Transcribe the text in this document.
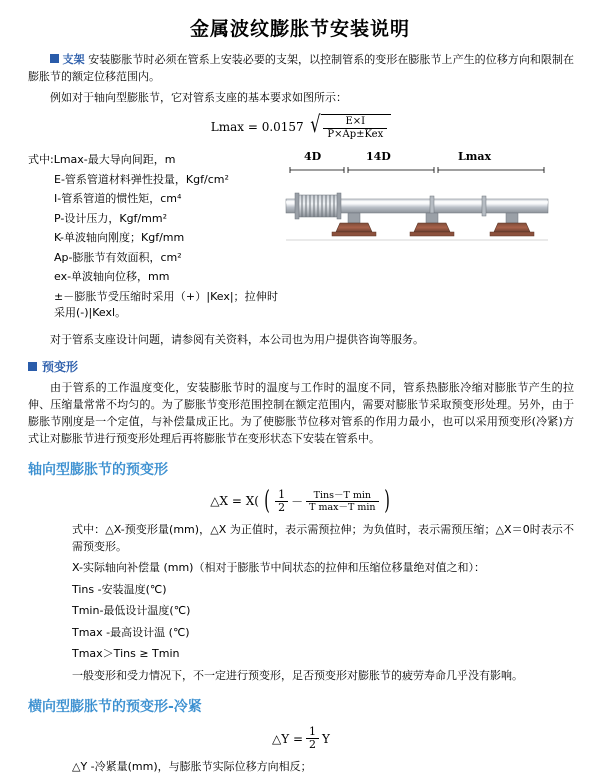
金属波纹膨胀节安装说明

支架 安装膨胀节时必须在管系上安装必要的支架，以控制管系的变形在膨胀节上产生的位移方向和限制在膨胀节的额定位移范围内。

例如对于轴向型膨胀节，它对管系支座的基本要求如图所示：

Lmax = 0.0157 √ $\frac{E\times I}{\text{P×Ap±Kex}}$

式中:Lmax-最大导向间距，m

E-管系管道材料弹性投量，Kgf/cm²

I-管系管道的惯性矩，cm⁴

P-设计压力，Kgf/mm²

K-单波轴向刚度；Kgf/mm

Ap-膨胀节有效面积，cm²

ex-单波轴向位移，mm

±－膨胀节受压缩时采用（+）|Kex|；拉伸时采用(-)|Kexl。

4D	14D	Lmax

对于管系支座设计问题，请参阅有关资料，本公司也为用户提供咨询等服务。

预变形

由于管系的工作温度变化，安装膨胀节时的温度与工作时的温度不同，管系热膨胀冷缩对膨胀节产生的拉伸、压缩量常常不均匀的。为了膨胀节变形范围控制在额定范围内，需要对膨胀节采取预变形处理。另外，由于膨胀节刚度是一个定值，与补偿量成正比。为了使膨胀节位移对管系的作用力最小，也可以采用预变形(冷紧)方式让对膨胀节进行预变形处理后再将膨胀节在变形状态下安装在管系中。

轴向型膨胀节的预变形
△X = X( ( $\frac{1}{2} - \frac{\text{Tins－T min}}{\text{T max－T min}}$ )

式中：△X-预变形量(mm)，△X 为正值时，表示需预拉伸；为负值时，表示需预压缩；△X＝0时表示不需预变形。

X-实际轴向补偿量 (mm)（相对于膨胀节中间状态的拉伸和压缩位移量绝对值之和）：

Tins -安装温度(℃)

Tmin-最低设计温度(℃)

Tmax -最高设计温 (℃)

Tmax＞Tins ≥ Tmin

一般变形和受力情况下，不一定进行预变形，足否预变形对膨胀节的疲劳寿命几乎没有影响。

横向型膨胀节的预变形-冷紧
△Y = $\frac{1}{2}$ Y

△Y -冷紧量(mm)，与膨胀节实际位移方向相反；
